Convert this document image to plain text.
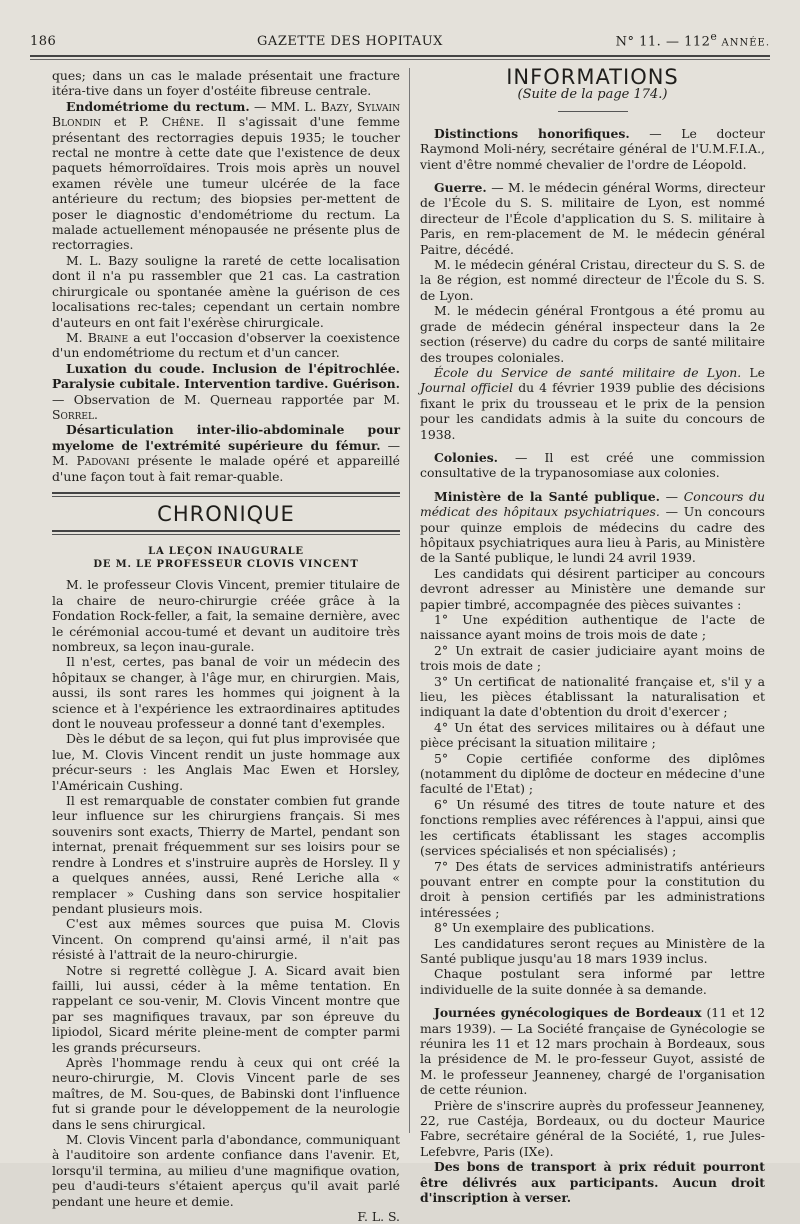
186	GAZETTE DES HOPITAUX	N° 11. — 112e ANNÉE.

ques; dans un cas le malade présentait une fracture itéra-tive dans un foyer d'ostéite fibreuse centrale.

Endométriome du rectum. — MM. L. Bazy, Sylvain Blondin et P. Chêne. Il s'agissait d'une femme présentant des rectorragies depuis 1935; le toucher rectal ne montre à cette date que l'existence de deux paquets hémorroïdaires. Trois mois après un nouvel examen révèle une tumeur ulcérée de la face antérieure du rectum; des biopsies per-mettent de poser le diagnostic d'endométriome du rectum. La malade actuellement ménopausée ne présente plus de rectorragies.

M. L. Bazy souligne la rareté de cette localisation dont il n'a pu rassembler que 21 cas. La castration chirurgicale ou spontanée amène la guérison de ces localisations rec-tales; cependant un certain nombre d'auteurs en ont fait l'exérèse chirurgicale.

M. Braine a eut l'occasion d'observer la coexistence d'un endométriome du rectum et d'un cancer.

Luxation du coude. Inclusion de l'épitrochlée. Paralysie cubitale. Intervention tardive. Guérison. — Observation de M. Querneau rapportée par M. Sorrel.

Désarticulation inter-ilio-abdominale pour myelome de l'extrémité supérieure du fémur. — M. Padovani présente le malade opéré et appareillé d'une façon tout à fait remar-quable.

CHRONIQUE
LA LEÇON INAUGURALE
DE M. LE PROFESSEUR CLOVIS VINCENT

M. le professeur Clovis Vincent, premier titulaire de la chaire de neuro-chirurgie créée grâce à la Fondation Rock-feller, a fait, la semaine dernière, avec le cérémonial accou-tumé et devant un auditoire très nombreux, sa leçon inau-gurale.

Il n'est, certes, pas banal de voir un médecin des hôpitaux se changer, à l'âge mur, en chirurgien. Mais, aussi, ils sont rares les hommes qui joignent à la science et à l'expérience les extraordinaires aptitudes dont le nouveau professeur a donné tant d'exemples.

Dès le début de sa leçon, qui fut plus improvisée que lue, M. Clovis Vincent rendit un juste hommage aux précur-seurs : les Anglais Mac Ewen et Horsley, l'Américain Cushing.

Il est remarquable de constater combien fut grande leur influence sur les chirurgiens français. Si mes souvenirs sont exacts, Thierry de Martel, pendant son internat, prenait fréquemment sur ses loisirs pour se rendre à Londres et s'instruire auprès de Horsley. Il y a quelques années, aussi, René Leriche alla « remplacer » Cushing dans son service hospitalier pendant plusieurs mois.

C'est aux mêmes sources que puisa M. Clovis Vincent. On comprend qu'ainsi armé, il n'ait pas résisté à l'attrait de la neuro-chirurgie.

Notre si regretté collègue J. A. Sicard avait bien failli, lui aussi, céder à la même tentation. En rappelant ce sou-venir, M. Clovis Vincent montre que par ses magnifiques travaux, par son épreuve du lipiodol, Sicard mérite pleine-ment de compter parmi les grands précurseurs.

Après l'hommage rendu à ceux qui ont créé la neuro-chirurgie, M. Clovis Vincent parle de ses maîtres, de M. Sou-ques, de Babinski dont l'influence fut si grande pour le développement de la neurologie dans le sens chirurgical.

M. Clovis Vincent parla d'abondance, communiquant à l'auditoire son ardente confiance dans l'avenir. Et, lorsqu'il termina, au milieu d'une magnifique ovation, peu d'audi-teurs s'étaient aperçus qu'il avait parlé pendant une heure et demie.

F. L. S.
INFORMATIONS
(Suite de la page 174.)

Distinctions honorifiques. — Le docteur Raymond Moli-néry, secrétaire général de l'U.M.F.I.A., vient d'être nommé chevalier de l'ordre de Léopold.

Guerre. — M. le médecin général Worms, directeur de l'École du S. S. militaire de Lyon, est nommé directeur de l'École d'application du S. S. militaire à Paris, en rem-placement de M. le médecin général Paitre, décédé.

M. le médecin général Cristau, directeur du S. S. de la 8e région, est nommé directeur de l'École du S. S. de Lyon.

M. le médecin général Frontgous a été promu au grade de médecin général inspecteur dans la 2e section (réserve) du cadre du corps de santé militaire des troupes coloniales.

École du Service de santé militaire de Lyon. Le Journal officiel du 4 février 1939 publie des décisions fixant le prix du trousseau et le prix de la pension pour les candidats admis à la suite du concours de 1938.

Colonies. — Il est créé une commission consultative de la trypanosomiase aux colonies.

Ministère de la Santé publique. — Concours du médicat des hôpitaux psychiatriques. — Un concours pour quinze emplois de médecins du cadre des hôpitaux psychiatriques aura lieu à Paris, au Ministère de la Santé publique, le lundi 24 avril 1939.

Les candidats qui désirent participer au concours devront adresser au Ministère une demande sur papier timbré, accompagnée des pièces suivantes :

1° Une expédition authentique de l'acte de naissance ayant moins de trois mois de date ;

2° Un extrait de casier judiciaire ayant moins de trois mois de date ;

3° Un certificat de nationalité française et, s'il y a lieu, les pièces établissant la naturalisation et indiquant la date d'obtention du droit d'exercer ;

4° Un état des services militaires ou à défaut une pièce précisant la situation militaire ;

5° Copie certifiée conforme des diplômes (notamment du diplôme de docteur en médecine d'une faculté de l'Etat) ;

6° Un résumé des titres de toute nature et des fonctions remplies avec références à l'appui, ainsi que les certificats établissant les stages accomplis (services spécialisés et non spécialisés) ;

7° Des états de services administratifs antérieurs pouvant entrer en compte pour la constitution du droit à pension certifiés par les administrations intéressées ;

8° Un exemplaire des publications.

Les candidatures seront reçues au Ministère de la Santé publique jusqu'au 18 mars 1939 inclus.

Chaque postulant sera informé par lettre individuelle de la suite donnée à sa demande.

Journées gynécologiques de Bordeaux (11 et 12 mars 1939). — La Société française de Gynécologie se réunira les 11 et 12 mars prochain à Bordeaux, sous la présidence de M. le pro-fesseur Guyot, assisté de M. le professeur Jeanneney, chargé de l'organisation de cette réunion.

Prière de s'inscrire auprès du professeur Jeanneney, 22, rue Castéja, Bordeaux, ou du docteur Maurice Fabre, secrétaire général de la Société, 1, rue Jules-Lefebvre, Paris (IXe).

Des bons de transport à prix réduit pourront être délivrés aux participants. Aucun droit d'inscription à verser.
